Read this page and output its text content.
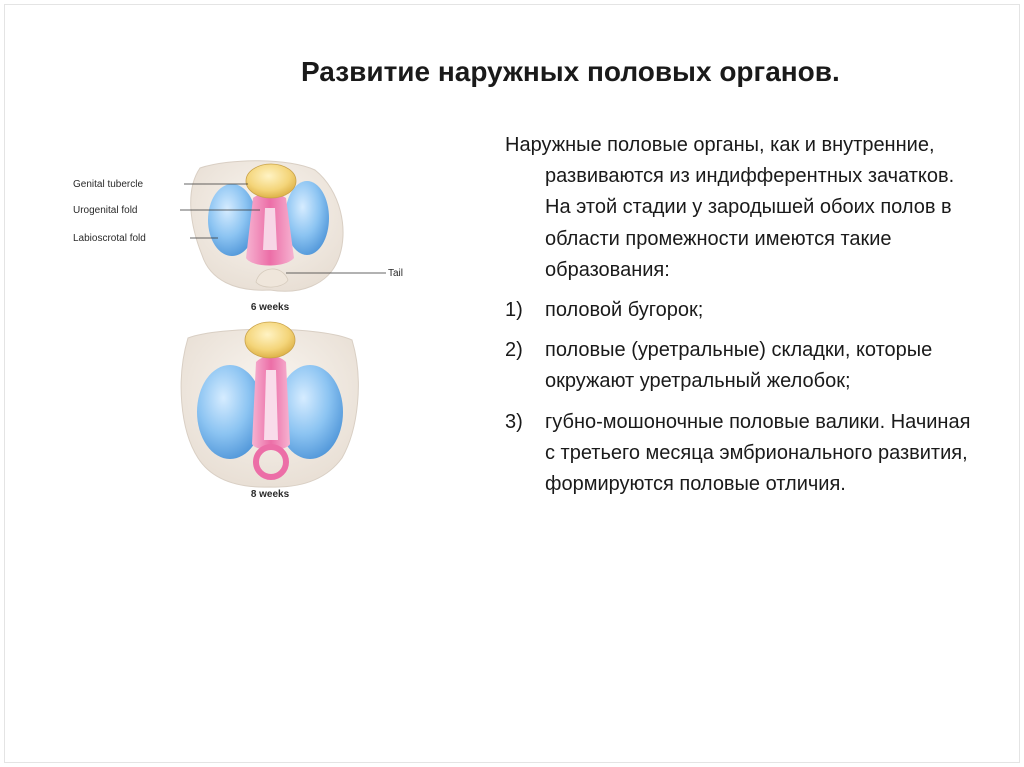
Развитие наружных половых органов.
Genital tubercle
Urogenital fold
Labioscrotal fold
Tail
6 weeks
8 weeks

Наружные половые органы, как и внутренние, развиваются из индифферентных зачатков. На этой стадии у зародышей обоих полов в области промежности имеются такие образования:

1) половой бугорок;
2) половые (уретральные) складки, которые окружают уретральный желобок;
3) губно-мошоночные половые валики. Начиная с третьего месяца эмбрионального развития, формируются половые отличия.
